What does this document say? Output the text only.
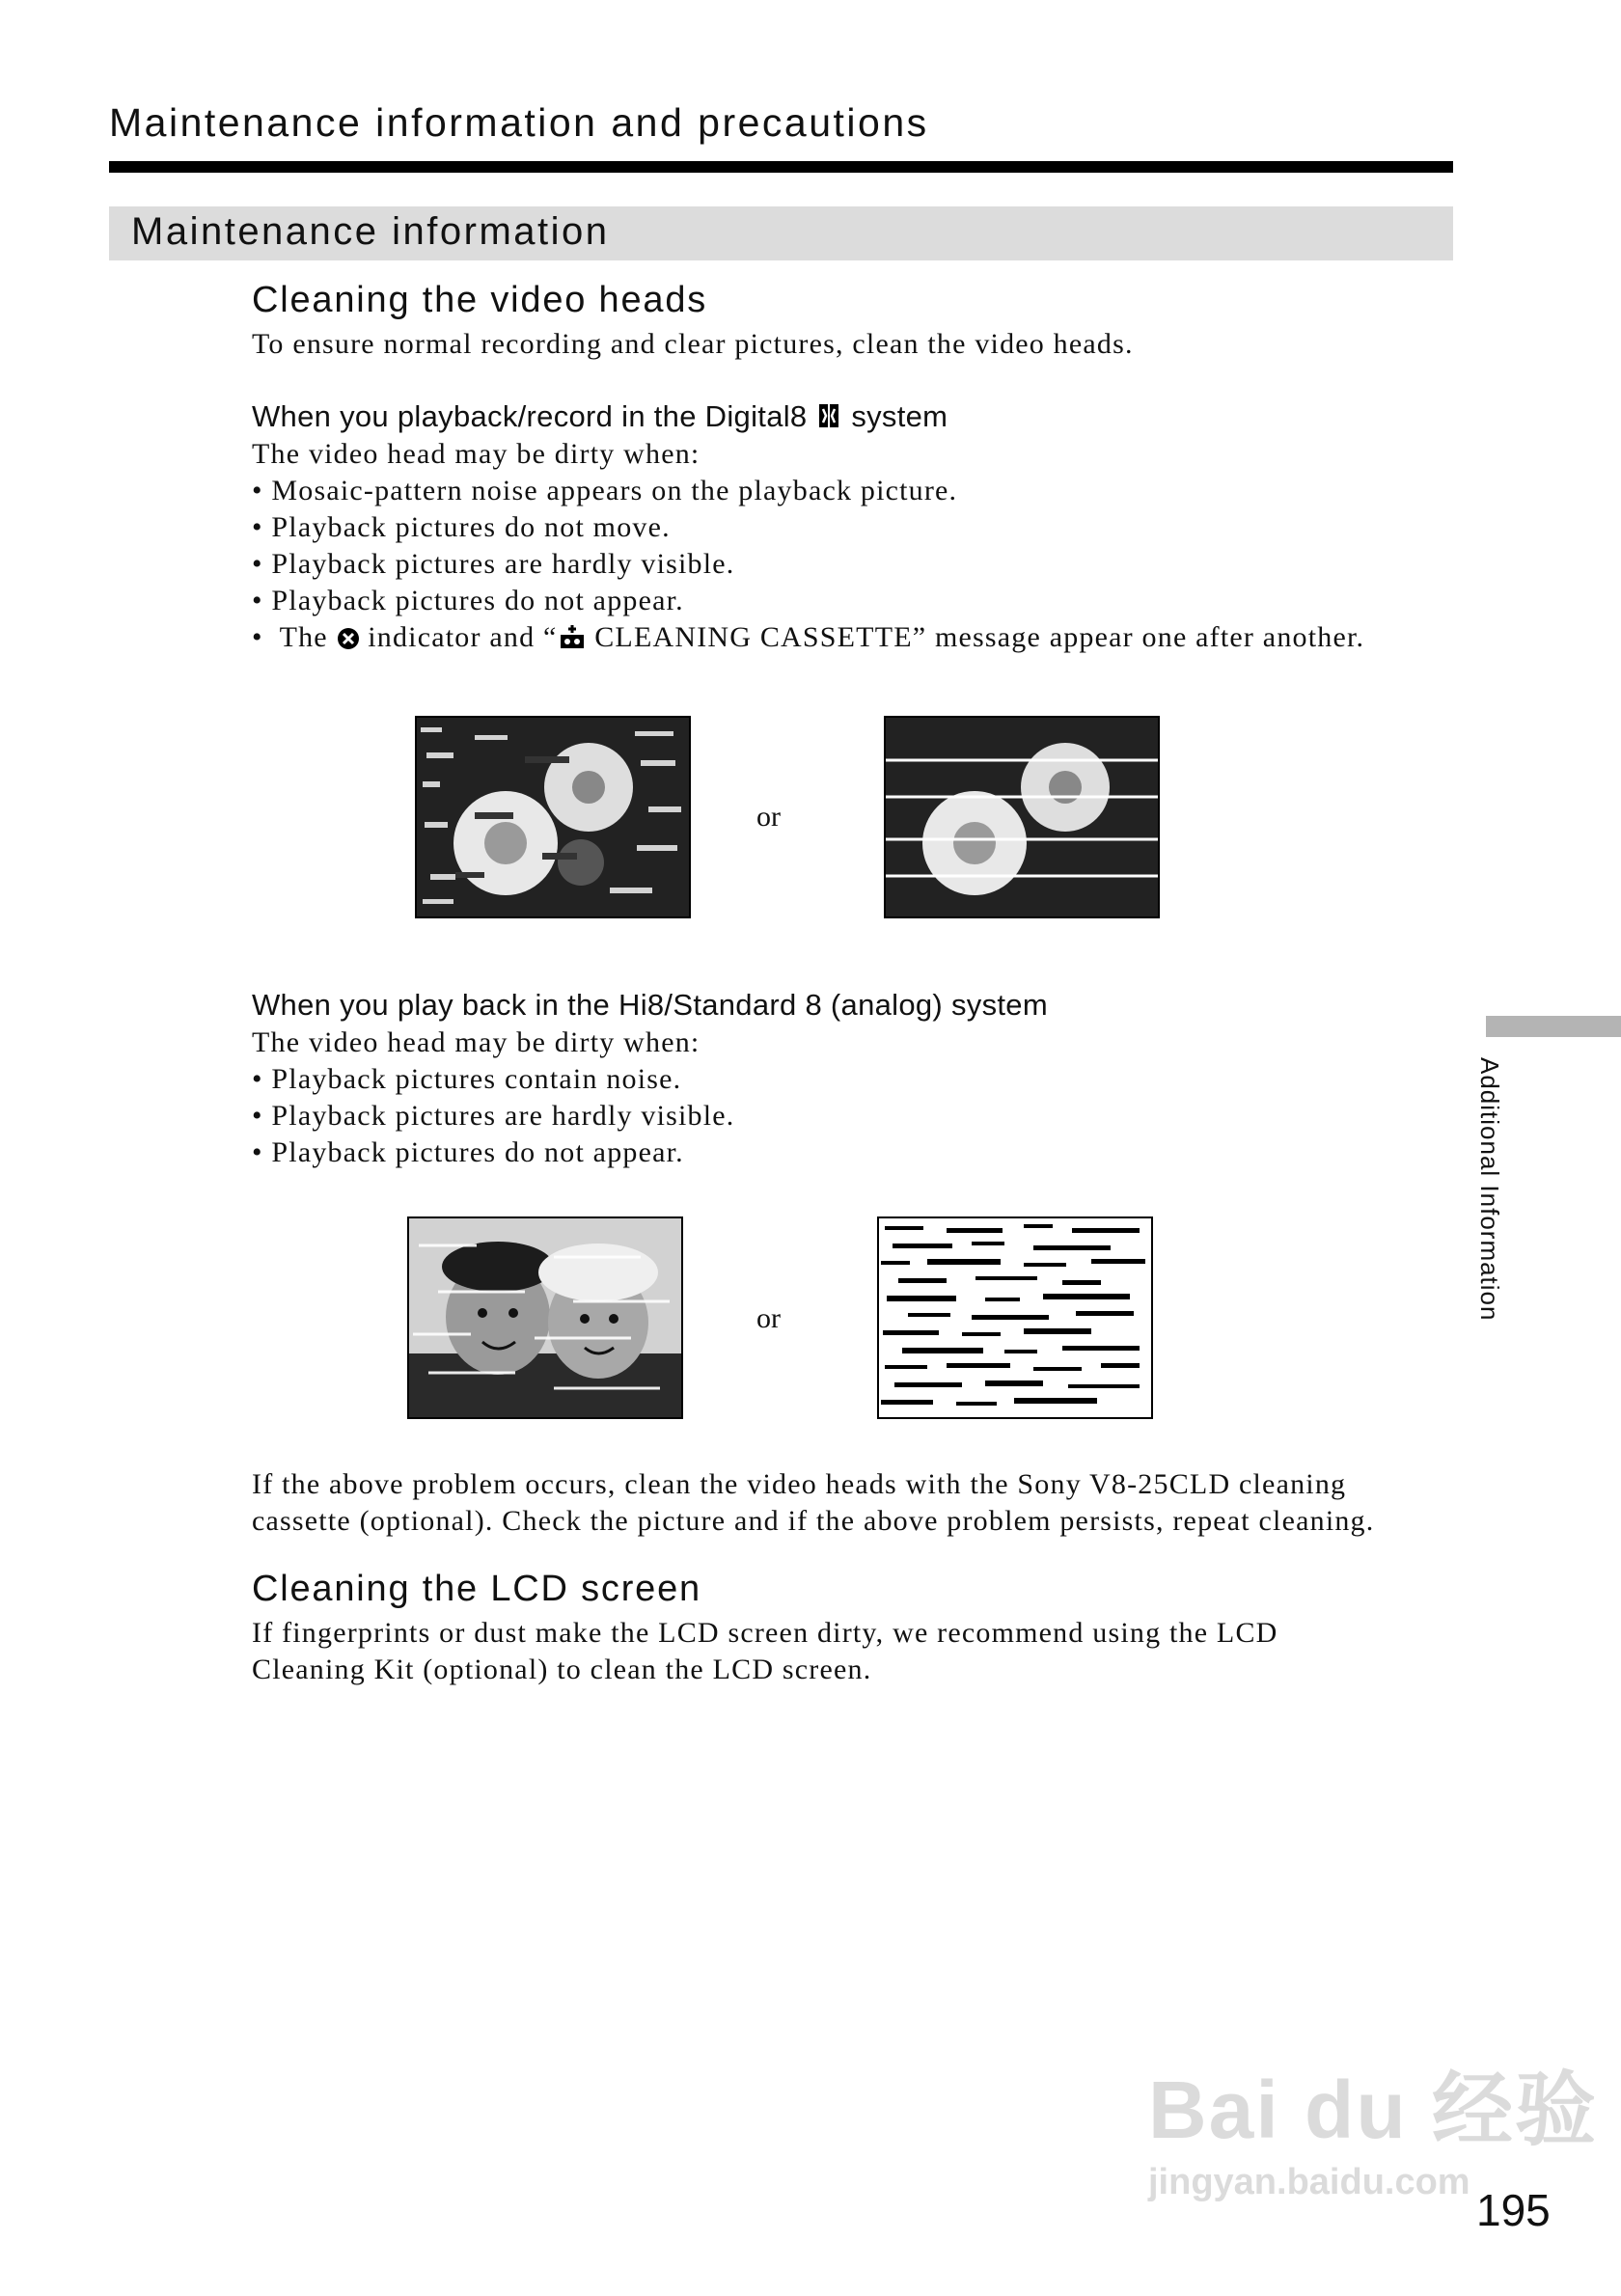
Maintenance information and precautions
Maintenance information
Cleaning the video heads
To ensure normal recording and clear pictures, clean the video heads.
When you playback/record in the Digital8 system
The video head may be dirty when:
• Mosaic-pattern noise appears on the playback picture.
• Playback pictures do not move.
• Playback pictures are hardly visible.
• Playback pictures do not appear.
• The indicator and “ CLEANING CASSETTE” message appear one after another.
or
When you play back in the Hi8/Standard 8 (analog) system
The video head may be dirty when:
• Playback pictures contain noise.
• Playback pictures are hardly visible.
• Playback pictures do not appear.
or
If the above problem occurs, clean the video heads with the Sony V8-25CLD cleaning
cassette (optional). Check the picture and if the above problem persists, repeat cleaning.
Cleaning the LCD screen
If fingerprints or dust make the LCD screen dirty, we recommend using the LCD
Cleaning Kit (optional) to clean the LCD screen.
Additional Information
Bai du 经验
jingyan.baidu.com
195
